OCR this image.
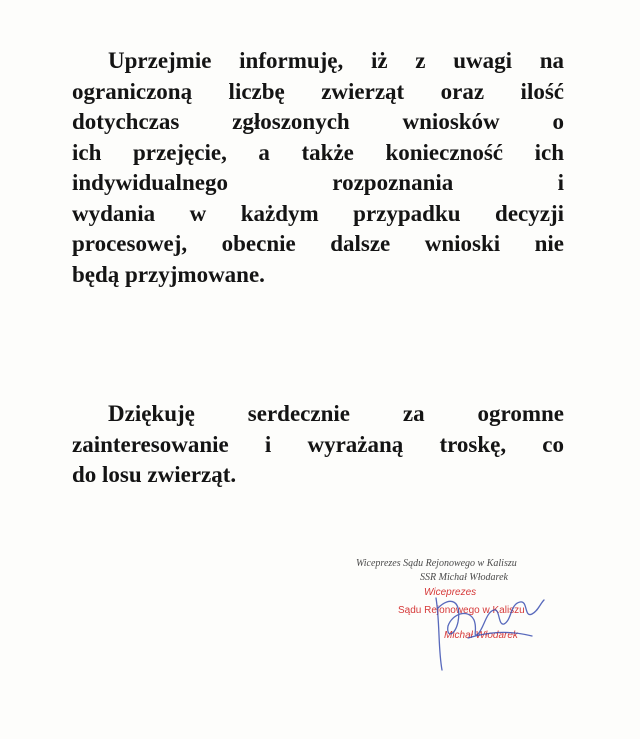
Uprzejmie informuję, iż z uwagi na
ograniczoną liczbę zwierząt oraz ilość
dotychczas zgłoszonych wniosków o
ich przejęcie, a także konieczność ich
indywidualnego rozpoznania i
wydania w każdym przypadku decyzji
procesowej, obecnie dalsze wnioski nie
będą przyjmowane.
Dziękuję serdecznie za ogromne
zainteresowanie i wyrażaną troskę, co
do losu zwierząt.
Wiceprezes Sądu Rejonowego w Kaliszu
SSR Michał Włodarek
Wiceprezes
Sądu Rejonowego w Kaliszu
Michał Włodarek
